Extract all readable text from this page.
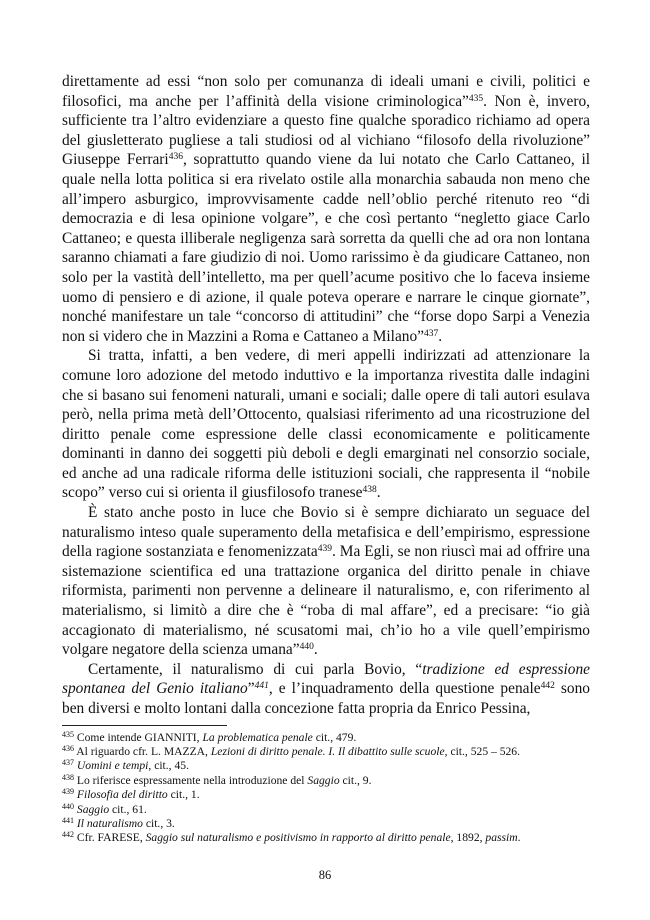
direttamente ad essi “non solo per comunanza di ideali umani e civili, politici e filosofici, ma anche per l’affinità della visione criminologica”$^{435}$. Non è, invero, sufficiente tra l’altro evidenziare a questo fine qualche sporadico richiamo ad opera del giusletterato pugliese a tali studiosi od al vichiano “filosofo della rivoluzione” Giuseppe Ferrari$^{436}$, soprattutto quando viene da lui notato che Carlo Cattaneo, il quale nella lotta politica si era rivelato ostile alla monarchia sabauda non meno che all’impero asburgico, improvvisamente cadde nell’oblio perché ritenuto reo “di democrazia e di lesa opinione volgare”, e che così pertanto “negletto giace Carlo Cattaneo; e questa illiberale negligenza sarà sorretta da quelli che ad ora non lontana saranno chiamati a fare giudizio di noi. Uomo rarissimo è da giudicare Cattaneo, non solo per la vastità dell’intelletto, ma per quell’acume positivo che lo faceva insieme uomo di pensiero e di azione, il quale poteva operare e narrare le cinque giornate”, nonché manifestare un tale “concorso di attitudini” che “forse dopo Sarpi a Venezia non si videro che in Mazzini a Roma e Cattaneo a Milano”$^{437}$.

Si tratta, infatti, a ben vedere, di meri appelli indirizzati ad attenzionare la comune loro adozione del metodo induttivo e la importanza rivestita dalle indagini che si basano sui fenomeni naturali, umani e sociali; dalle opere di tali autori esulava però, nella prima metà dell’Ottocento, qualsiasi riferimento ad una ricostruzione del diritto penale come espressione delle classi economicamente e politicamente dominanti in danno dei soggetti più deboli e degli emarginati nel consorzio sociale, ed anche ad una radicale riforma delle istituzioni sociali, che rappresenta il “nobile scopo” verso cui si orienta il giusfilosofo tranese$^{438}$.

È stato anche posto in luce che Bovio si è sempre dichiarato un seguace del naturalismo inteso quale superamento della metafisica e dell’empirismo, espressione della ragione sostanziata e fenomenizzata$^{439}$. Ma Egli, se non riuscì mai ad offrire una sistemazione scientifica ed una trattazione organica del diritto penale in chiave riformista, parimenti non pervenne a delineare il naturalismo, e, con riferimento al materialismo, si limitò a dire che è “roba di mal affare”, ed a precisare: “io già accagionato di materialismo, né scusatomi mai, ch’io ho a vile quell’empirismo volgare negatore della scienza umana”$^{440}$.

Certamente, il naturalismo di cui parla Bovio, “tradizione ed espressione spontanea del Genio italiano”$^{441}$, e l’inquadramento della questione penale$^{442}$ sono ben diversi e molto lontani dalla concezione fatta propria da Enrico Pessina,

$^{435}$ Come intende GIANNITI, La problematica penale cit., 479.

$^{436}$ Al riguardo cfr. L. MAZZA, Lezioni di diritto penale. I. Il dibattito sulle scuole, cit., 525 – 526.

$^{437}$ Uomini e tempi, cit., 45.

$^{438}$ Lo riferisce espressamente nella introduzione del Saggio cit., 9.

$^{439}$ Filosofia del diritto cit., 1.

$^{440}$ Saggio cit., 61.

$^{441}$ Il naturalismo cit., 3.

$^{442}$ Cfr. FARESE, Saggio sul naturalismo e positivismo in rapporto al diritto penale, 1892, passim.

86
